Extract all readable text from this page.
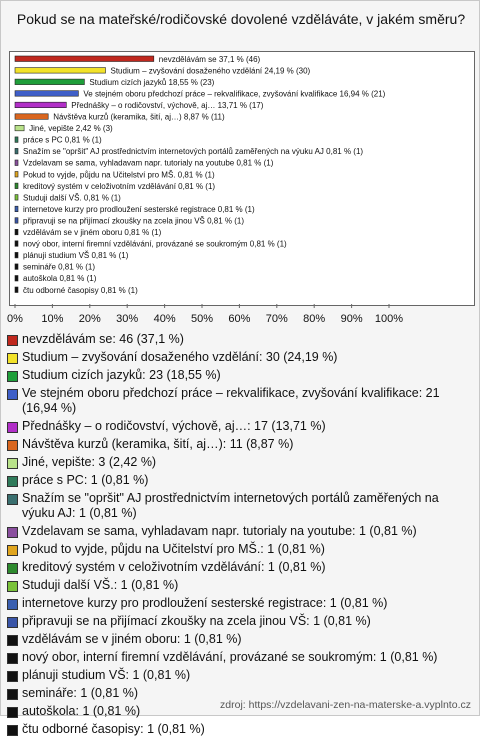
Pokud se na mateřské/rodičovské dovolené vzděláváte, v jakém směru?
nevzdělávám se 37,1 % (46)
Studium – zvyšování dosaženého vzdělání 24,19 % (30)
Studium cizích jazyků 18,55 % (23)
Ve stejném oboru předchozí práce – rekvalifikace, zvyšování kvalifikace 16,94 % (21)
Přednášky – o rodičovství, výchově, aj… 13,71 % (17)
Návštěva kurzů (keramika, šití, aj…) 8,87 % (11)
Jiné, vepište 2,42 % (3)
práce s PC 0,81 % (1)
Snažím se "opršit" AJ prostřednictvím internetových portálů zaměřených na výuku AJ 0,81 % (1)
Vzdelavam se sama, vyhladavam napr. tutorialy na youtube 0,81 % (1)
Pokud to vyjde, půjdu na Učitelství pro MŠ. 0,81 % (1)
kreditový systém v celoživotním vzdělávání 0,81 % (1)
Studuji další VŠ. 0,81 % (1)
internetove kurzy pro prodloužení sesterské registrace 0,81 % (1)
připravuji se na přijímací zkoušky na zcela jinou VŠ 0,81 % (1)
vzdělávám se v jiném oboru 0,81 % (1)
nový obor, interní firemní vzdělávání, provázané se soukromým 0,81 % (1)
plánuji studium VŠ 0,81 % (1)
semináře 0,81 % (1)
autoškola 0,81 % (1)
čtu odborné časopisy 0,81 % (1)
0% 10% 20% 30% 40% 50% 60% 70% 80% 90% 100%
nevzdělávám se: 46 (37,1 %)
Studium – zvyšování dosaženého vzdělání: 30 (24,19 %)
Studium cizích jazyků: 23 (18,55 %)
Ve stejném oboru předchozí práce – rekvalifikace, zvyšování kvalifikace: 21 (16,94 %)
Přednášky – o rodičovství, výchově, aj…: 17 (13,71 %)
Návštěva kurzů (keramika, šití, aj…): 11 (8,87 %)
Jiné, vepište: 3 (2,42 %)
práce s PC: 1 (0,81 %)
Snažím se "opršit" AJ prostřednictvím internetových portálů zaměřených na výuku AJ: 1 (0,81 %)
Vzdelavam se sama, vyhladavam napr. tutorialy na youtube: 1 (0,81 %)
Pokud to vyjde, půjdu na Učitelství pro MŠ.: 1 (0,81 %)
kreditový systém v celoživotním vzdělávání: 1 (0,81 %)
Studuji další VŠ.: 1 (0,81 %)
internetove kurzy pro prodloužení sesterské registrace: 1 (0,81 %)
připravuji se na přijímací zkoušky na zcela jinou VŠ: 1 (0,81 %)
vzdělávám se v jiném oboru: 1 (0,81 %)
nový obor, interní firemní vzdělávání, provázané se soukromým: 1 (0,81 %)
plánuji studium VŠ: 1 (0,81 %)
semináře: 1 (0,81 %)
autoškola: 1 (0,81 %)
čtu odborné časopisy: 1 (0,81 %)
zdroj: https://vzdelavani-zen-na-materske-a.vyplnto.cz
